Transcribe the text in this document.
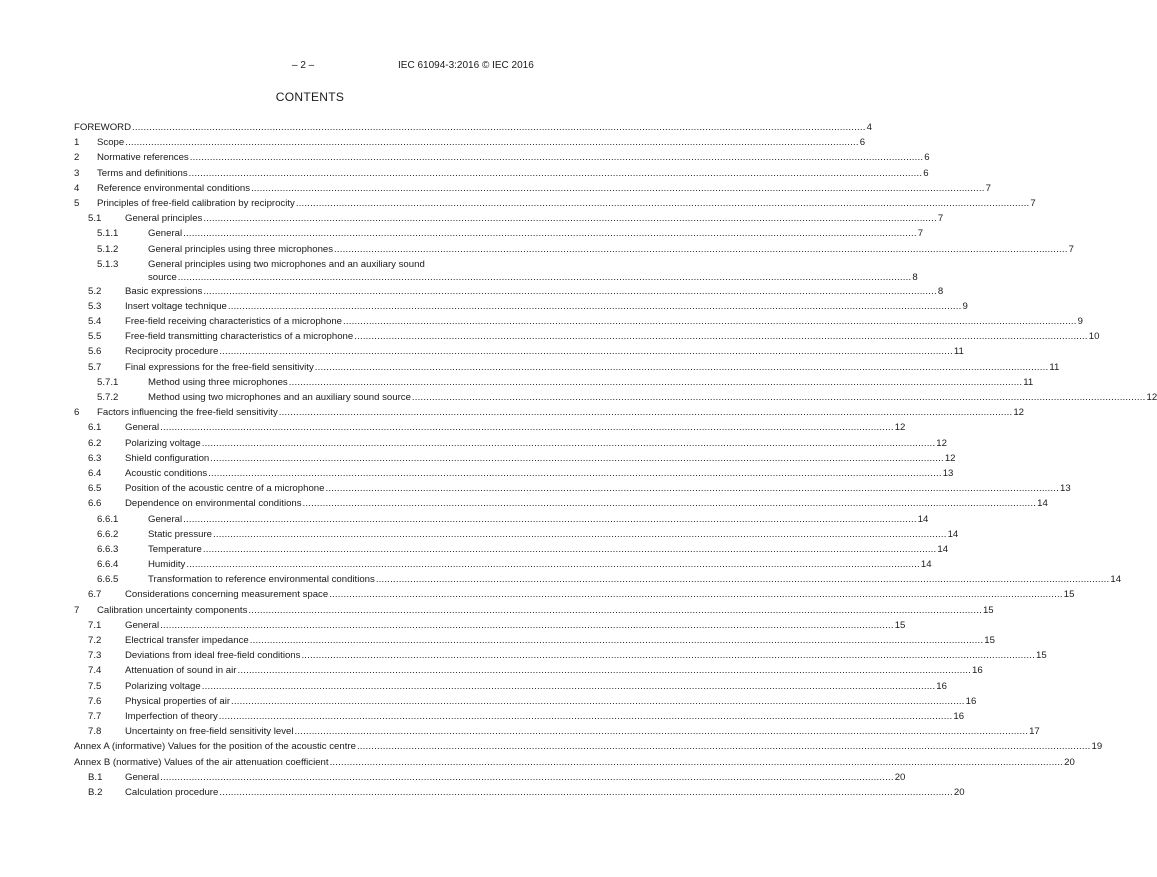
– 2 –	IEC 61094-3:2016 © IEC 2016
CONTENTS
FOREWORD .....	4
1	Scope .....	6
2	Normative references .....	6
3	Terms and definitions .....	6
4	Reference environmental conditions .....	7
5	Principles of free-field calibration by reciprocity .....	7
5.1	General principles .....	7
5.1.1	General .....	7
5.1.2	General principles using three microphones .....	7
5.1.3	General principles using two microphones and an auxiliary sound
source .....	8
5.2	Basic expressions .....	8
5.3	Insert voltage technique .....	9
5.4	Free-field receiving characteristics of a microphone .....	9
5.5	Free-field transmitting characteristics of a microphone .....	10
5.6	Reciprocity procedure .....	11
5.7	Final expressions for the free-field sensitivity .....	11
5.7.1	Method using three microphones .....	11
5.7.2	Method using two microphones and an auxiliary sound source .....	12
6	Factors influencing the free-field sensitivity .....	12
6.1	General .....	12
6.2	Polarizing voltage .....	12
6.3	Shield configuration .....	12
6.4	Acoustic conditions .....	13
6.5	Position of the acoustic centre of a microphone .....	13
6.6	Dependence on environmental conditions .....	14
6.6.1	General .....	14
6.6.2	Static pressure .....	14
6.6.3	Temperature .....	14
6.6.4	Humidity .....	14
6.6.5	Transformation to reference environmental conditions .....	14
6.7	Considerations concerning measurement space .....	15
7	Calibration uncertainty components .....	15
7.1	General .....	15
7.2	Electrical transfer impedance .....	15
7.3	Deviations from ideal free-field conditions .....	15
7.4	Attenuation of sound in air .....	16
7.5	Polarizing voltage .....	16
7.6	Physical properties of air .....	16
7.7	Imperfection of theory .....	16
7.8	Uncertainty on free-field sensitivity level .....	17
Annex A (informative) Values for the position of the acoustic centre .....	19
Annex B (normative) Values of the air attenuation coefficient .....	20
B.1	General .....	20
B.2	Calculation procedure .....	20
